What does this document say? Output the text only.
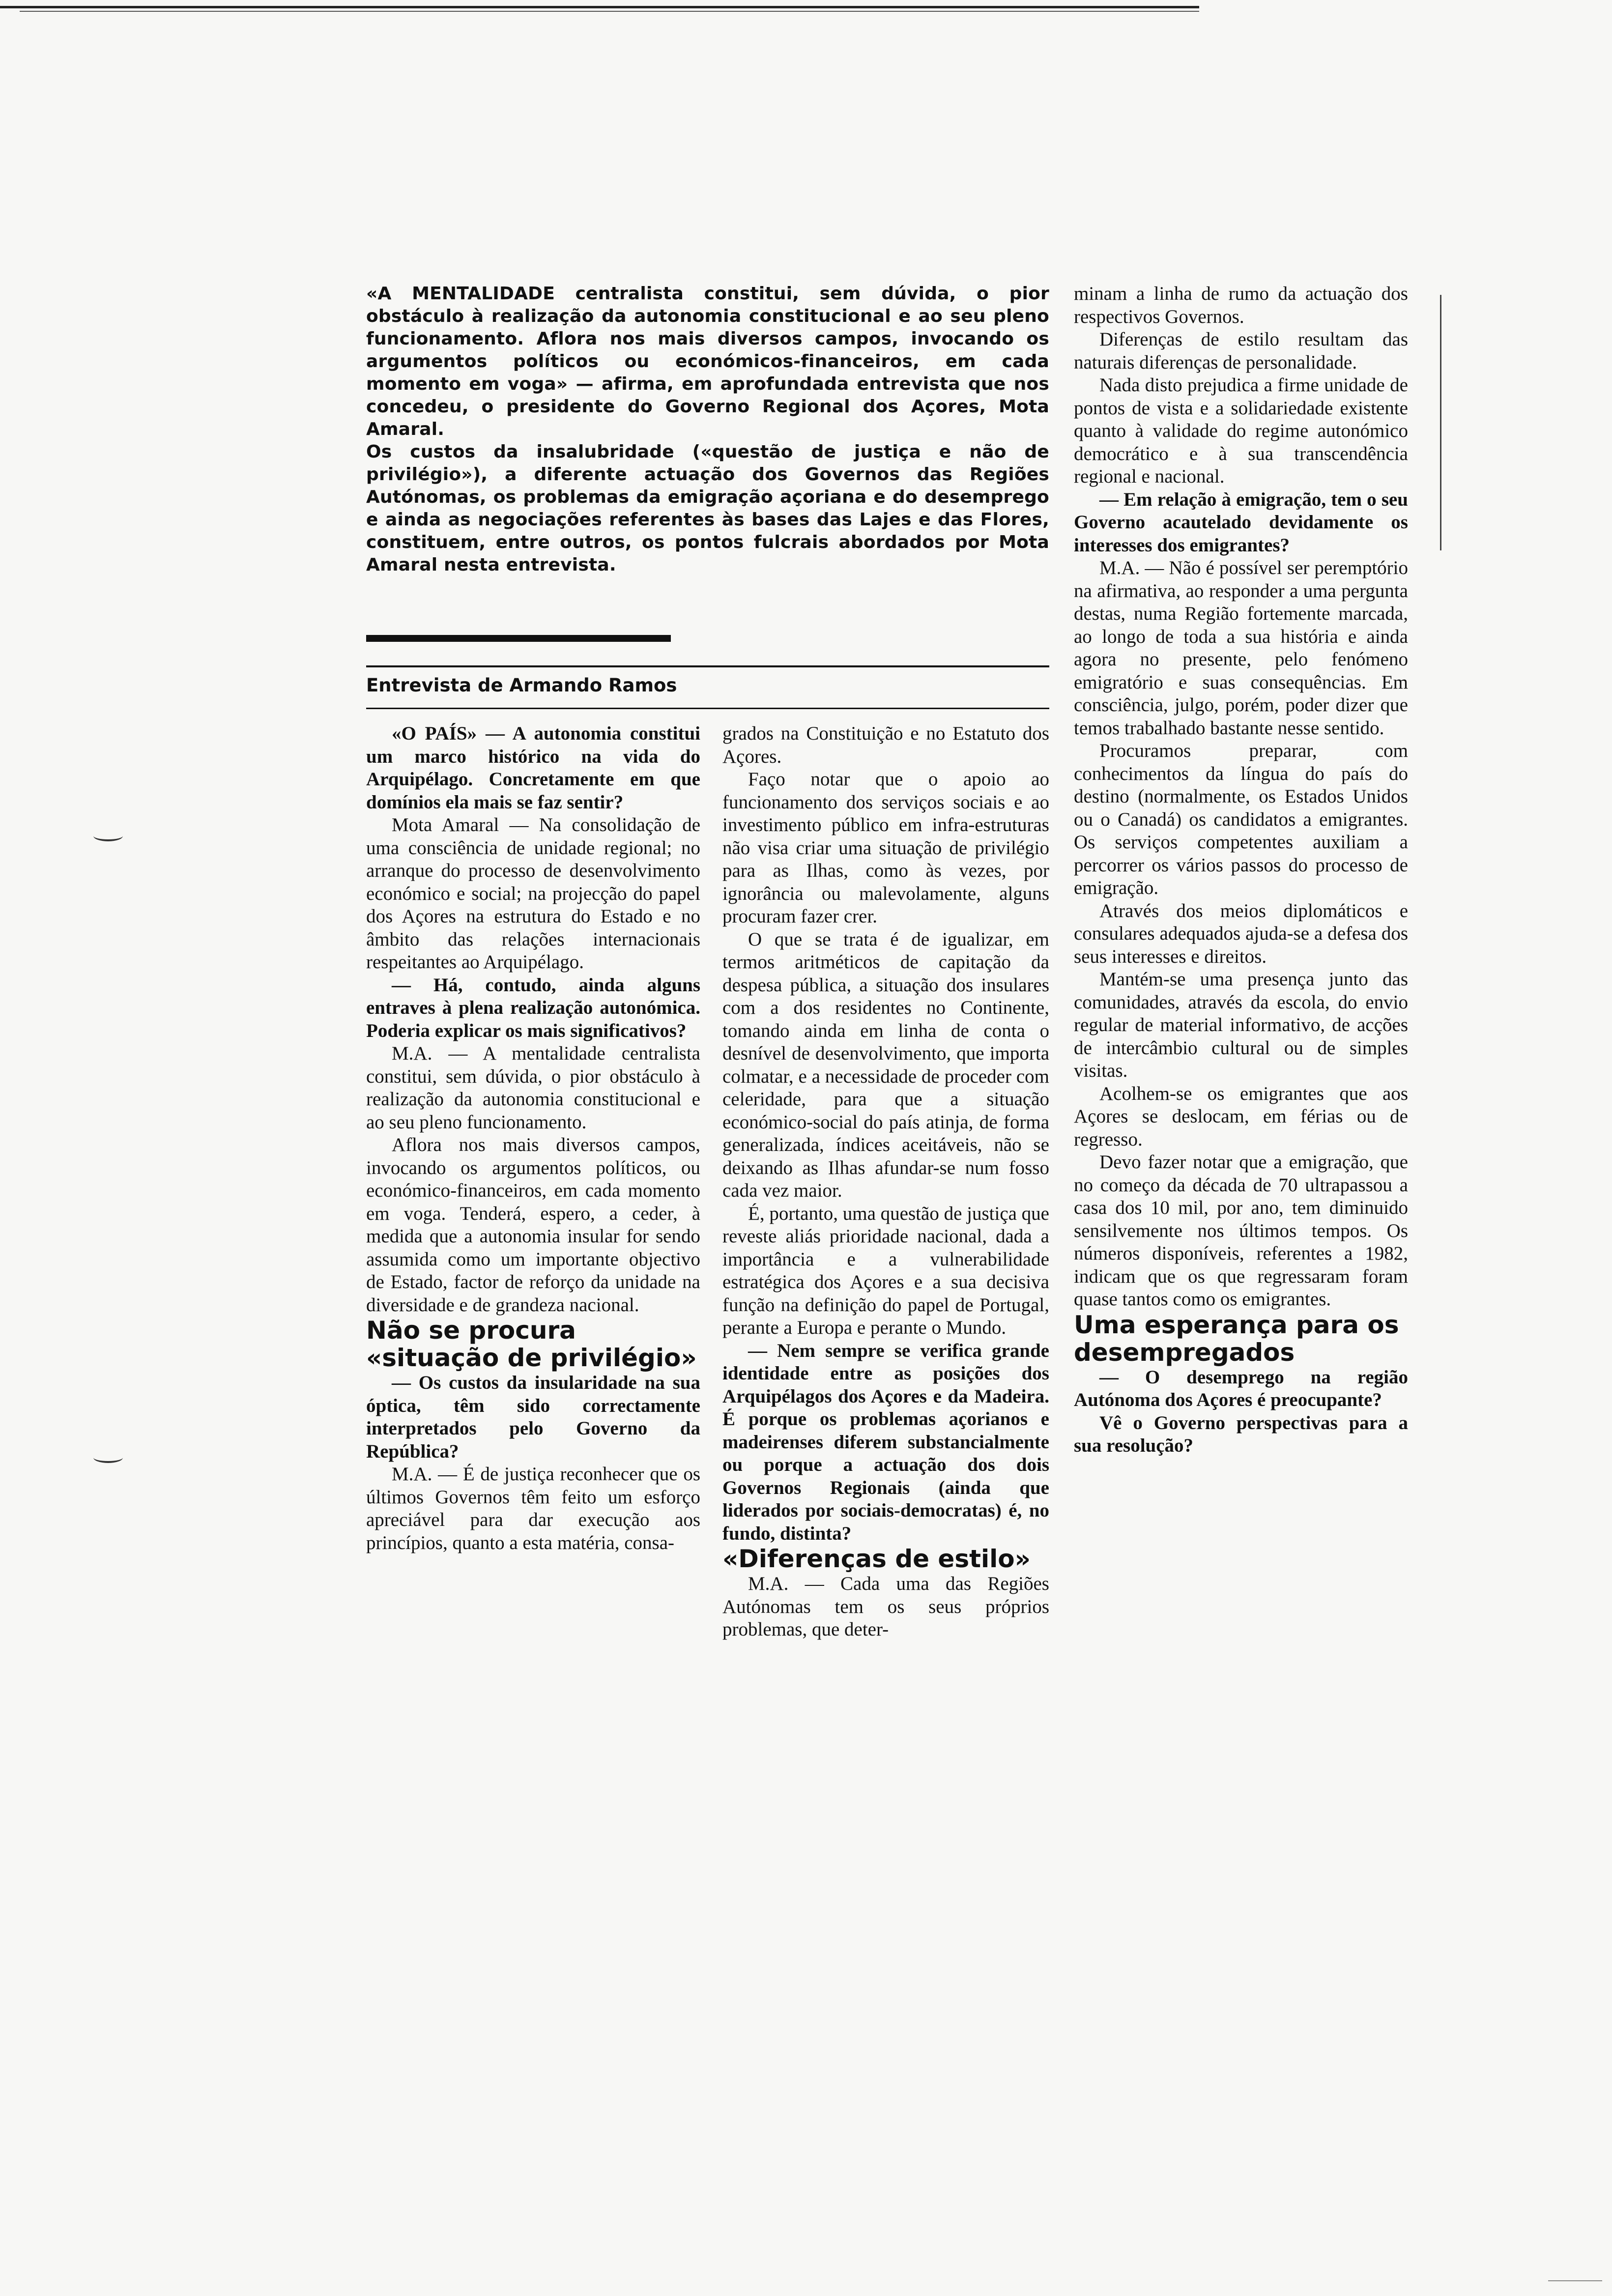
«A MENTALIDADE centralista constitui, sem dúvida, o pior obstáculo à realização da autonomia constitucional e ao seu pleno funcionamento. Aflora nos mais diversos campos, invocando os argumentos políticos ou económicos-financeiros, em cada momento em voga» — afirma, em aprofundada entrevista que nos concedeu, o presidente do Governo Regional dos Açores, Mota Amaral.

Os custos da insalubridade («questão de justiça e não de privilégio»), a diferente actuação dos Governos das Regiões Autónomas, os problemas da emigração açoriana e do desemprego e ainda as negociações referentes às bases das Lajes e das Flores, constituem, entre outros, os pontos fulcrais abordados por Mota Amaral nesta entrevista.

Entrevista de Armando Ramos

«O PAÍS» — A autonomia constitui um marco histórico na vida do Arquipélago. Concretamente em que domínios ela mais se faz sentir?

Mota Amaral — Na consolidação de uma consciência de unidade regional; no arranque do processo de desenvolvimento económico e social; na projecção do papel dos Açores na estrutura do Estado e no âmbito das relações internacionais respeitantes ao Arquipélago.

— Há, contudo, ainda alguns entraves à plena realização autonómica. Poderia explicar os mais significativos?

M.A. — A mentalidade centralista constitui, sem dúvida, o pior obstáculo à realização da autonomia constitucional e ao seu pleno funcionamento.

Aflora nos mais diversos campos, invocando os argumentos políticos, ou económico-financeiros, em cada momento em voga. Tenderá, espero, a ceder, à medida que a autonomia insular for sendo assumida como um importante objectivo de Estado, factor de reforço da unidade na diversidade e de grandeza nacional.

Não se procura «situação de privilégio»

— Os custos da insularidade na sua óptica, têm sido correctamente interpretados pelo Governo da República?

M.A. — É de justiça reconhecer que os últimos Governos têm feito um esforço apreciável para dar execução aos princípios, quanto a esta matéria, consa-

grados na Constituição e no Estatuto dos Açores.

Faço notar que o apoio ao funcionamento dos serviços sociais e ao investimento público em infra-estruturas não visa criar uma situação de privilégio para as Ilhas, como às vezes, por ignorância ou malevolamente, alguns procuram fazer crer.

O que se trata é de igualizar, em termos aritméticos de capitação da despesa pública, a situação dos insulares com a dos residentes no Continente, tomando ainda em linha de conta o desnível de desenvolvimento, que importa colmatar, e a necessidade de proceder com celeridade, para que a situação económico-social do país atinja, de forma generalizada, índices aceitáveis, não se deixando as Ilhas afundar-se num fosso cada vez maior.

É, portanto, uma questão de justiça que reveste aliás prioridade nacional, dada a importância e a vulnerabilidade estratégica dos Açores e a sua decisiva função na definição do papel de Portugal, perante a Europa e perante o Mundo.

— Nem sempre se verifica grande identidade entre as posições dos Arquipélagos dos Açores e da Madeira. É porque os problemas açorianos e madeirenses diferem substancialmente ou porque a actuação dos dois Governos Regionais (ainda que liderados por sociais-democratas) é, no fundo, distinta?

«Diferenças de estilo»

M.A. — Cada uma das Regiões Autónomas tem os seus próprios problemas, que deter-

minam a linha de rumo da actuação dos respectivos Governos.

Diferenças de estilo resultam das naturais diferenças de personalidade.

Nada disto prejudica a firme unidade de pontos de vista e a solidariedade existente quanto à validade do regime autonómico democrático e à sua transcendência regional e nacional.

— Em relação à emigração, tem o seu Governo acautelado devidamente os interesses dos emigrantes?

M.A. — Não é possível ser peremptório na afirmativa, ao responder a uma pergunta destas, numa Região fortemente marcada, ao longo de toda a sua história e ainda agora no presente, pelo fenómeno emigratório e suas consequências. Em consciência, julgo, porém, poder dizer que temos trabalhado bastante nesse sentido.

Procuramos preparar, com conhecimentos da língua do país do destino (normalmente, os Estados Unidos ou o Canadá) os candidatos a emigrantes. Os serviços competentes auxiliam a percorrer os vários passos do processo de emigração.

Através dos meios diplomáticos e consulares adequados ajuda-se a defesa dos seus interesses e direitos.

Mantém-se uma presença junto das comunidades, através da escola, do envio regular de material informativo, de acções de intercâmbio cultural ou de simples visitas.

Acolhem-se os emigrantes que aos Açores se deslocam, em férias ou de regresso.

Devo fazer notar que a emigração, que no começo da década de 70 ultrapassou a casa dos 10 mil, por ano, tem diminuido sensilvemente nos últimos tempos. Os números disponíveis, referentes a 1982, indicam que os que regressaram foram quase tantos como os emigrantes.

Uma esperança para os desempregados

— O desemprego na região Autónoma dos Açores é preocupante?

Vê o Governo perspectivas para a sua resolução?
